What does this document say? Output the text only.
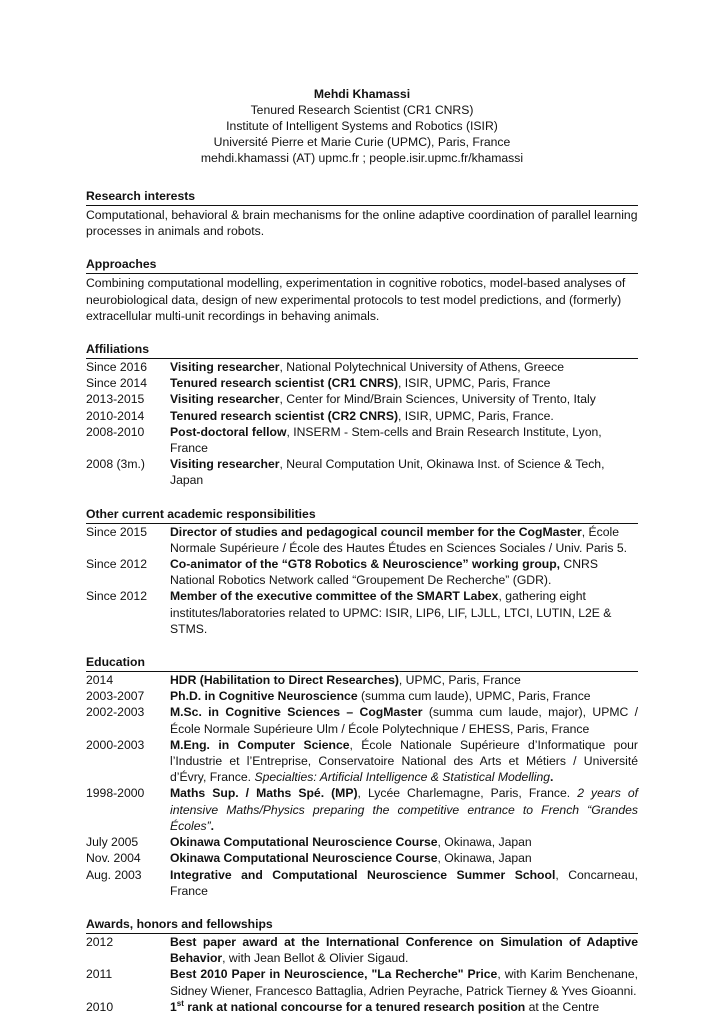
Mehdi Khamassi
Tenured Research Scientist (CR1 CNRS)
Institute of Intelligent Systems and Robotics (ISIR)
Université Pierre et Marie Curie (UPMC), Paris, France
mehdi.khamassi (AT) upmc.fr ; people.isir.upmc.fr/khamassi
Research interests
Computational, behavioral & brain mechanisms for the online adaptive coordination of parallel learning processes in animals and robots.
Approaches
Combining computational modelling, experimentation in cognitive robotics, model-based analyses of neurobiological data, design of new experimental protocols to test model predictions, and (formerly) extracellular multi-unit recordings in behaving animals.
Affiliations
Since 2016	Visiting researcher, National Polytechnical University of Athens, Greece
Since 2014	Tenured research scientist (CR1 CNRS), ISIR, UPMC, Paris, France
2013-2015	Visiting researcher, Center for Mind/Brain Sciences, University of Trento, Italy
2010-2014	Tenured research scientist (CR2 CNRS), ISIR, UPMC, Paris, France.
2008-2010	Post-doctoral fellow, INSERM - Stem-cells and Brain Research Institute, Lyon, France
2008 (3m.)	Visiting researcher, Neural Computation Unit, Okinawa Inst. of Science & Tech, Japan
Other current academic responsibilities
Since 2015	Director of studies and pedagogical council member for the CogMaster, École Normale Supérieure / École des Hautes Études en Sciences Sociales / Univ. Paris 5.
Since 2012	Co-animator of the “GT8 Robotics & Neuroscience” working group, CNRS National Robotics Network called “Groupement De Recherche” (GDR).
Since 2012	Member of the executive committee of the SMART Labex, gathering eight institutes/laboratories related to UPMC: ISIR, LIP6, LIF, LJLL, LTCI, LUTIN, L2E & STMS.
Education
2014	HDR (Habilitation to Direct Researches), UPMC, Paris, France
2003-2007	Ph.D. in Cognitive Neuroscience (summa cum laude), UPMC, Paris, France
2002-2003	M.Sc. in Cognitive Sciences – CogMaster (summa cum laude, major), UPMC / École Normale Supérieure Ulm / École Polytechnique / EHESS, Paris, France
2000-2003	M.Eng. in Computer Science, École Nationale Supérieure d’Informatique pour l’Industrie et l’Entreprise, Conservatoire National des Arts et Métiers / Université d’Évry, France. Specialties: Artificial Intelligence & Statistical Modelling.
1998-2000	Maths Sup. / Maths Spé. (MP), Lycée Charlemagne, Paris, France. 2 years of intensive Maths/Physics preparing the competitive entrance to French “Grandes Écoles”.
July 2005	Okinawa Computational Neuroscience Course, Okinawa, Japan
Nov. 2004	Okinawa Computational Neuroscience Course, Okinawa, Japan
Aug. 2003	Integrative and Computational Neuroscience Summer School, Concarneau, France
Awards, honors and fellowships
2012	Best paper award at the International Conference on Simulation of Adaptive Behavior, with Jean Bellot & Olivier Sigaud.
2011	Best 2010 Paper in Neuroscience, "La Recherche" Price, with Karim Benchenane, Sidney Wiener, Francesco Battaglia, Adrien Peyrache, Patrick Tierney & Yves Gioanni.
2010	1st rank at national concourse for a tenured research position at the Centre
